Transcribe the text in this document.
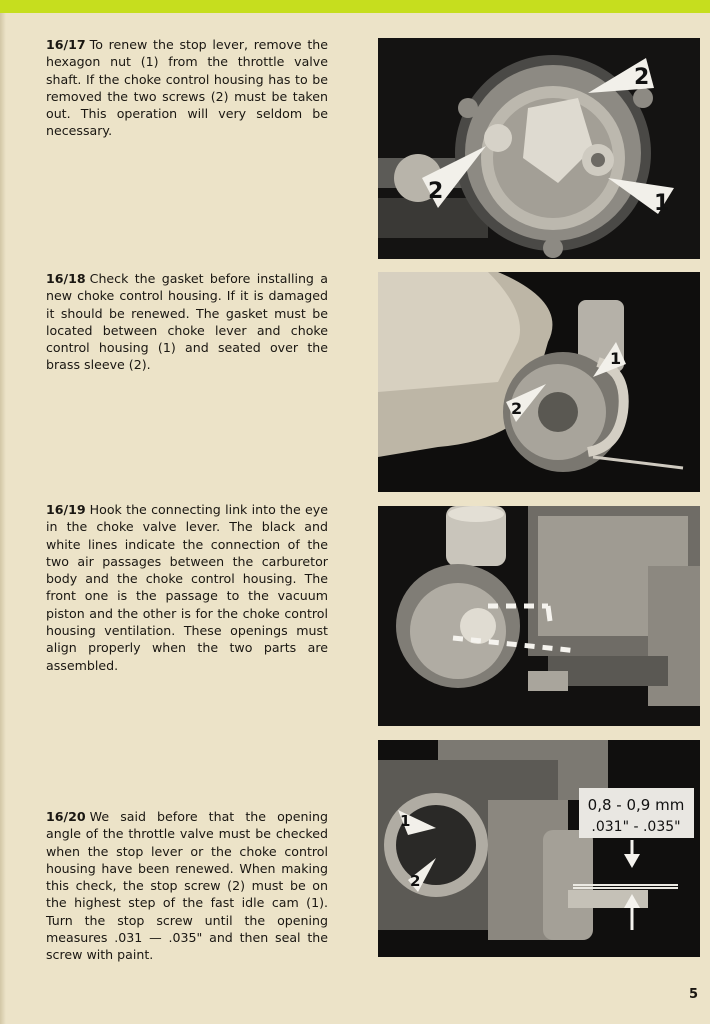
16/17 To renew the stop lever, remove the hexagon nut (1) from the throttle valve shaft. If the choke control housing has to be removed the two screws (2) must be taken out. This operation will very seldom be necessary.

16/18 Check the gasket before installing a new choke control housing. If it is damaged it should be renewed. The gasket must be located between choke lever and choke control housing (1) and seated over the brass sleeve (2).

16/19 Hook the connecting link into the eye in the choke valve lever. The black and white lines indicate the connection of the two air passages between the carburetor body and the choke control housing. The front one is the passage to the vacuum piston and the other is for the choke control housing ventilation. These openings must align properly when the two parts are assembled.

16/20 We said before that the opening angle of the throttle valve must be checked when the stop lever or the choke control housing have been renewed. When making this check, the stop screw (2) must be on the highest step of the fast idle cam (1). Turn the stop screw until the opening measures .031 — .035" and then seal the screw with paint.

2
2	1
1
2
0,8 - 0,9 mm
.031" - .035"
1
2
5
